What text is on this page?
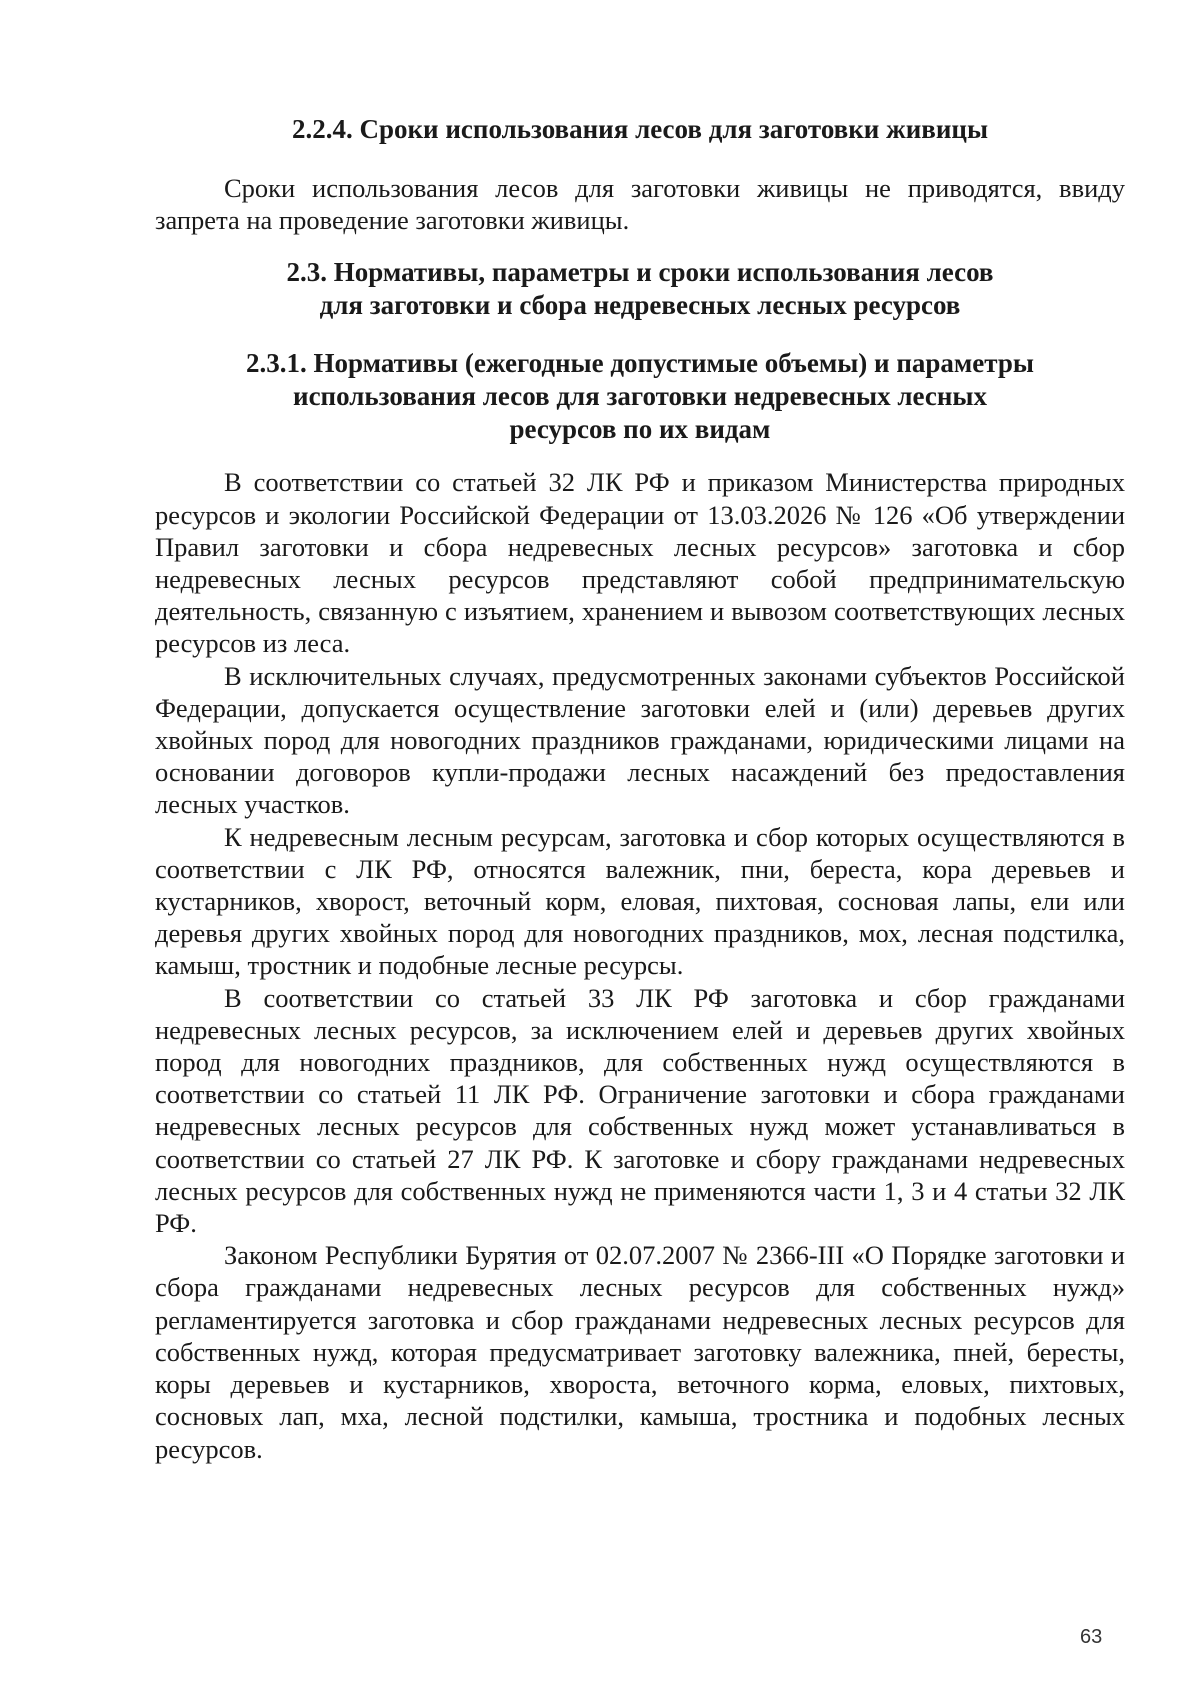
2.2.4. Сроки использования лесов для заготовки живицы

Сроки использования лесов для заготовки живицы не приводятся, ввиду запрета на проведение заготовки живицы.

2.3. Нормативы, параметры и сроки использования лесов
для заготовки и сбора недревесных лесных ресурсов
2.3.1. Нормативы (ежегодные допустимые объемы) и параметры
использования лесов для заготовки недревесных лесных
ресурсов по их видам

В соответствии со статьей 32 ЛК РФ и приказом Министерства природных ресурсов и экологии Российской Федерации от 13.03.2026 № 126 «Об утверждении Правил заготовки и сбора недревесных лесных ресурсов» заготовка и сбор недревесных лесных ресурсов представляют собой предпринимательскую деятельность, связанную с изъятием, хранением и вывозом соответствующих лесных ресурсов из леса.

В исключительных случаях, предусмотренных законами субъектов Российской Федерации, допускается осуществление заготовки елей и (или) деревьев других хвойных пород для новогодних праздников гражданами, юридическими лицами на основании договоров купли-продажи лесных насаждений без предоставления лесных участков.

К недревесным лесным ресурсам, заготовка и сбор которых осуществляются в соответствии с ЛК РФ, относятся валежник, пни, береста, кора деревьев и кустарников, хворост, веточный корм, еловая, пихтовая, сосновая лапы, ели или деревья других хвойных пород для новогодних праздников, мох, лесная подстилка, камыш, тростник и подобные лесные ресурсы.

В соответствии со статьей 33 ЛК РФ заготовка и сбор гражданами недревесных лесных ресурсов, за исключением елей и деревьев других хвойных пород для новогодних праздников, для собственных нужд осуществляются в соответствии со статьей 11 ЛК РФ. Ограничение заготовки и сбора гражданами недревесных лесных ресурсов для собственных нужд может устанавливаться в соответствии со статьей 27 ЛК РФ. К заготовке и сбору гражданами недревесных лесных ресурсов для собственных нужд не применяются части 1, 3 и 4 статьи 32 ЛК РФ.

Законом Республики Бурятия от 02.07.2007 № 2366-III «О Порядке заготовки и сбора гражданами недревесных лесных ресурсов для собственных нужд» регламентируется заготовка и сбор гражданами недревесных лесных ресурсов для собственных нужд, которая предусматривает заготовку валежника, пней, бересты, коры деревьев и кустарников, хвороста, веточного корма, еловых, пихтовых, сосновых лап, мха, лесной подстилки, камыша, тростника и подобных лесных ресурсов.

63
